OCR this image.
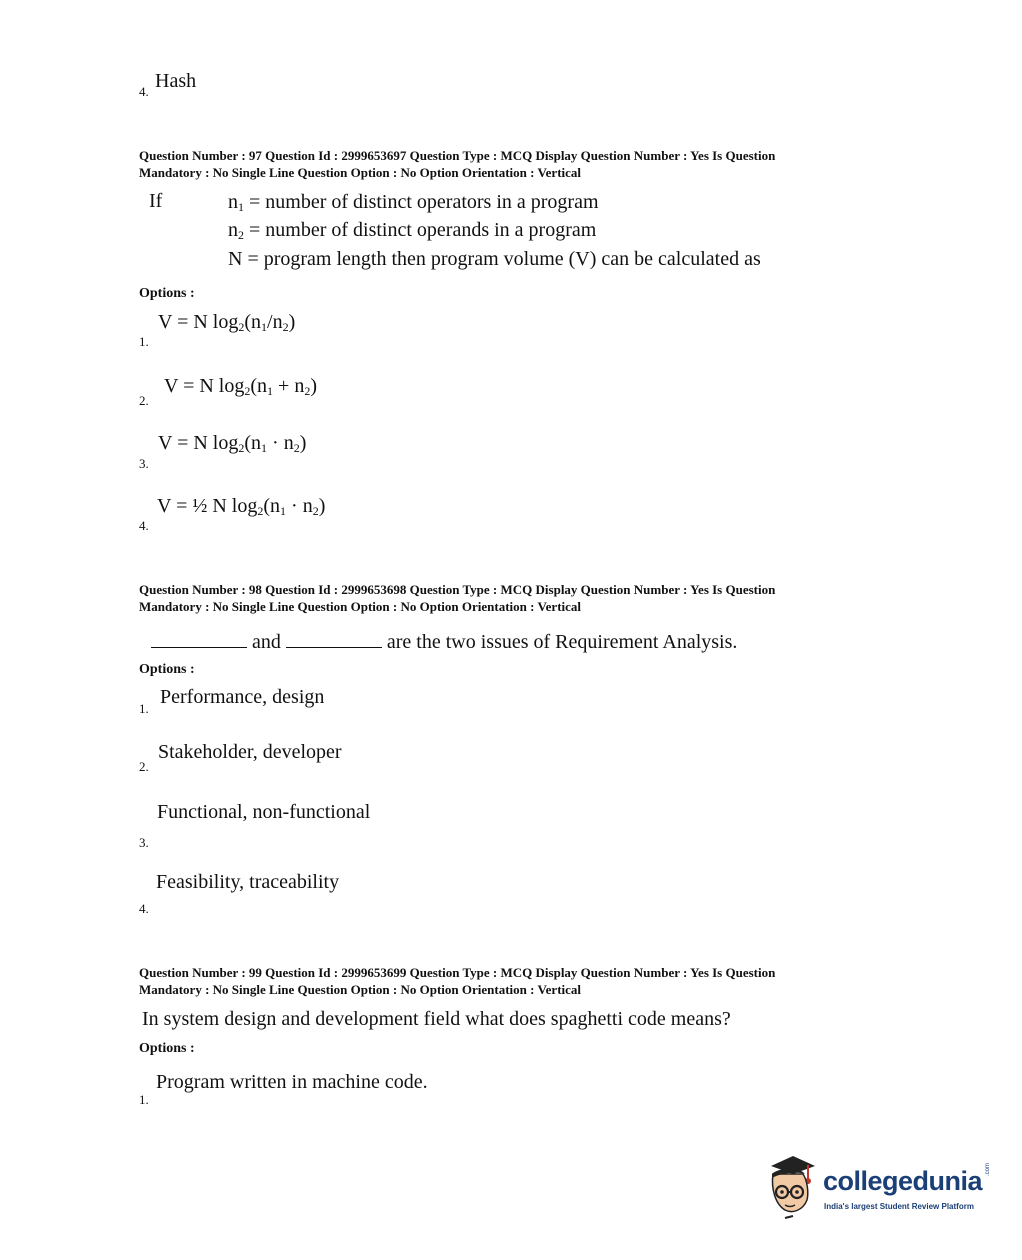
4. Hash
Question Number : 97 Question Id : 2999653697 Question Type : MCQ Display Question Number : Yes Is Question
Mandatory : No Single Line Question Option : No Option Orientation : Vertical
If	$n_1$ = number of distinct operators in a program
$n_2$ = number of distinct operands in a program
N = program length then program volume (V) can be calculated as
Options :
1.
V = N $\log_2(n_1/n_2)$
2.
V = N $\log_2(n_1 + n_2)$
3.
V = N $\log_2(n_1 \cdot n_2)$
4.
V = ½ N $\log_2(n_1 \cdot n_2)$
Question Number : 98 Question Id : 2999653698 Question Type : MCQ Display Question Number : Yes Is Question
Mandatory : No Single Line Question Option : No Option Orientation : Vertical
and	are the two issues of Requirement Analysis.
Options :
1.
Performance, design
2.
Stakeholder, developer
3.
Functional, non-functional
4.
Feasibility, traceability
Question Number : 99 Question Id : 2999653699 Question Type : MCQ Display Question Number : Yes Is Question
Mandatory : No Single Line Question Option : No Option Orientation : Vertical
In system design and development field what does spaghetti code means?
Options :
1.
Program written in machine code.
collegedunia
India's largest Student Review Platform
.com
